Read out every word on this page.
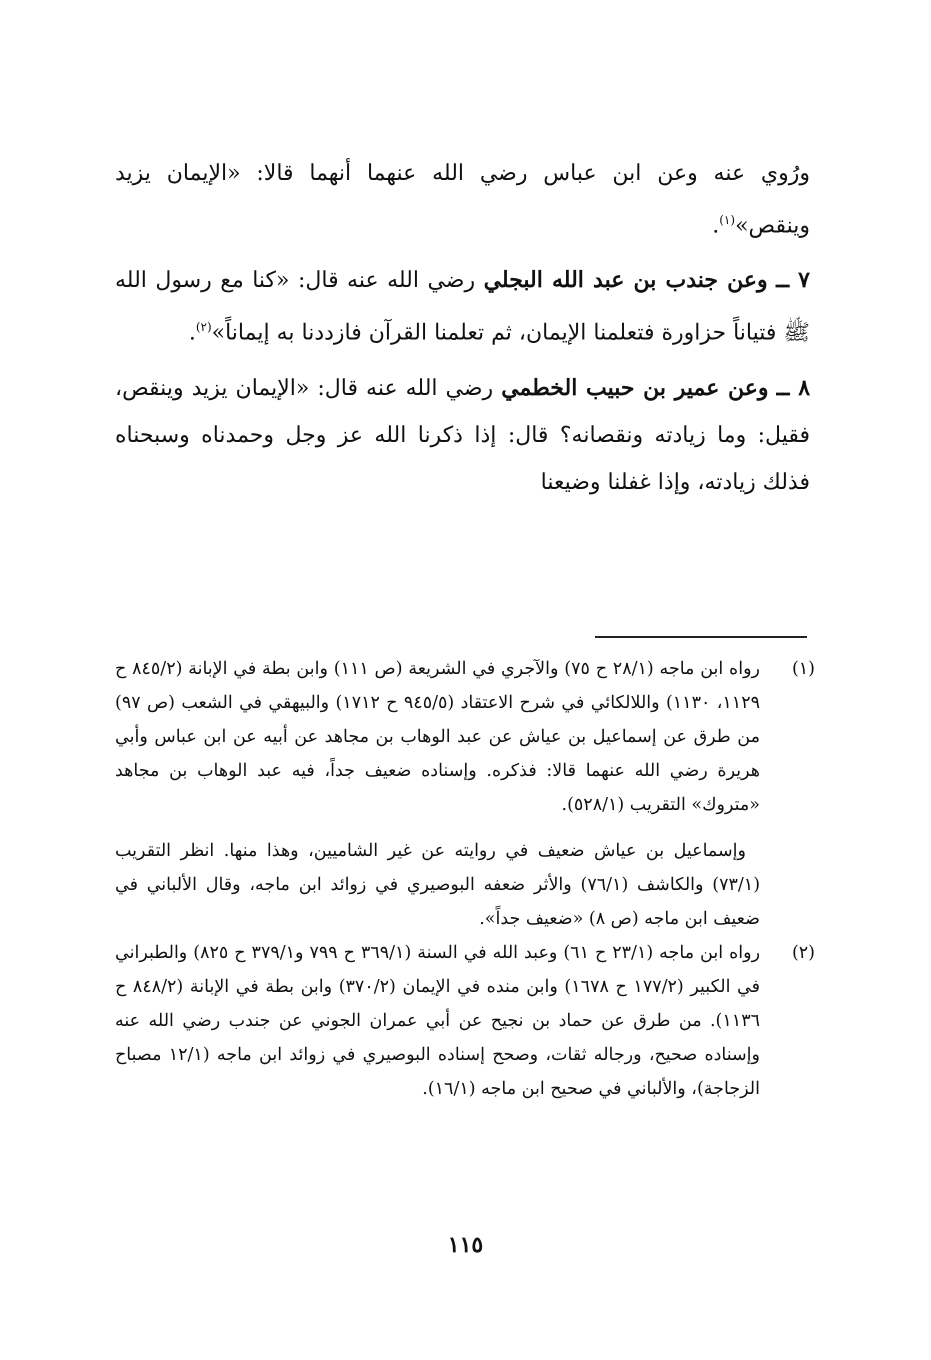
ورُوي عنه وعن ابن عباس رضي الله عنهما أنهما قالا: «الإيمان يزيد وينقص»$^{(١)}$.

٧ ــ وعن جندب بن عبد الله البجلي رضي الله عنه قال: «كنا مع رسول الله ﷺ فتياناً حزاورة فتعلمنا الإيمان، ثم تعلمنا القرآن فازددنا به إيماناً»$^{(٢)}$.

٨ ــ وعن عمير بن حبيب الخطمي رضي الله عنه قال: «الإيمان يزيد وينقص، فقيل: وما زيادته ونقصانه؟ قال: إذا ذكرنا الله عز وجل وحمدناه وسبحناه فذلك زيادته، وإذا غفلنا وضيعنا

(١)
رواه ابن ماجه (٢٨/١ ح ٧٥) والآجري في الشريعة (ص ١١١) وابن بطة في الإبانة (٨٤٥/٢ ح ١١٢٩، ١١٣٠) واللالكائي في شرح الاعتقاد (٩٤٥/٥ ح ١٧١٢) والبيهقي في الشعب (ص ٩٧) من طرق عن إسماعيل بن عياش عن عبد الوهاب بن مجاهد عن أبيه عن ابن عباس وأبي هريرة رضي الله عنهما قالا: فذكره. وإسناده ضعيف جداً، فيه عبد الوهاب بن مجاهد «متروك» التقريب (٥٢٨/١).
وإسماعيل بن عياش ضعيف في روايته عن غير الشاميين، وهذا منها. انظر التقريب (٧٣/١) والكاشف (٧٦/١) والأثر ضعفه البوصيري في زوائد ابن ماجه، وقال الألباني في ضعيف ابن ماجه (ص ٨) «ضعيف جداً».
(٢)
رواه ابن ماجه (٢٣/١ ح ٦١) وعبد الله في السنة (٣٦٩/١ ح ٧٩٩ و٣٧٩/١ ح ٨٢٥) والطبراني في الكبير (١٧٧/٢ ح ١٦٧٨) وابن منده في الإيمان (٣٧٠/٢) وابن بطة في الإبانة (٨٤٨/٢ ح ١١٣٦). من طرق عن حماد بن نجيح عن أبي عمران الجوني عن جندب رضي الله عنه وإسناده صحيح، ورجاله ثقات، وصحح إسناده البوصيري في زوائد ابن ماجه (١٢/١ مصباح الزجاجة)، والألباني في صحيح ابن ماجه (١٦/١).
١١٥
